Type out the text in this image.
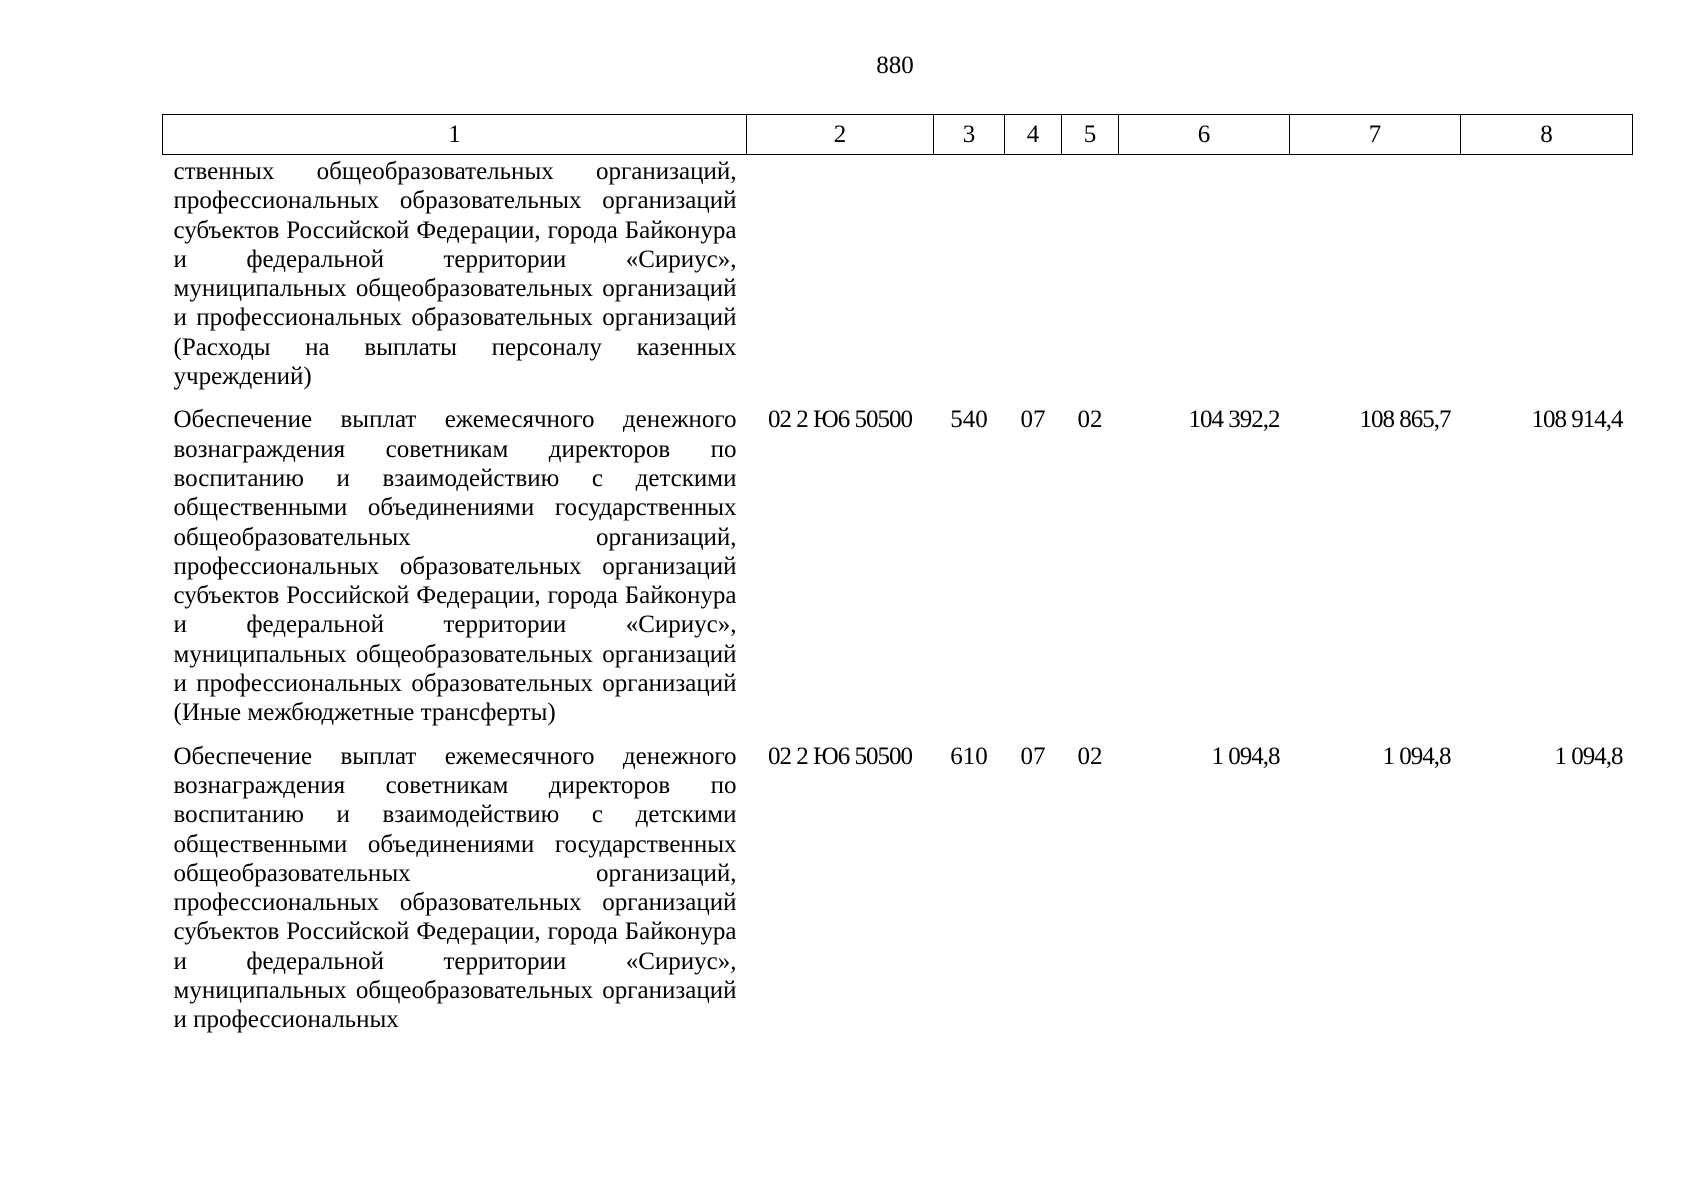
880
1	2	3	4	5	6	7	8
ственных общеобразовательных организаций, профессиональных образовательных организаций субъектов Российской Федерации, города Байконура и федеральной территории «Сириус», муниципальных общеобразовательных организаций и профессиональных образовательных организаций (Расходы на выплаты персоналу казенных учреждений)							

Обеспечение выплат ежемесячного денежного вознаграждения советникам директоров по воспитанию и взаимодействию с детскими общественными объединениями государственных общеобразовательных организаций, профессиональных образовательных организаций субъектов Российской Федерации, города Байконура и федеральной территории «Сириус», муниципальных общеобразовательных организаций и профессиональных образовательных организаций (Иные межбюджетные трансферты)	02 2 Ю6 50500	540	07	02	104 392,2	108 865,7	108 914,4

Обеспечение выплат ежемесячного денежного вознаграждения советникам директоров по воспитанию и взаимодействию с детскими общественными объединениями государственных общеобразовательных организаций, профессиональных образовательных организаций субъектов Российской Федерации, города Байконура и федеральной территории «Сириус», муниципальных общеобразовательных организаций и профессиональных	02 2 Ю6 50500	610	07	02	1 094,8	1 094,8	1 094,8
